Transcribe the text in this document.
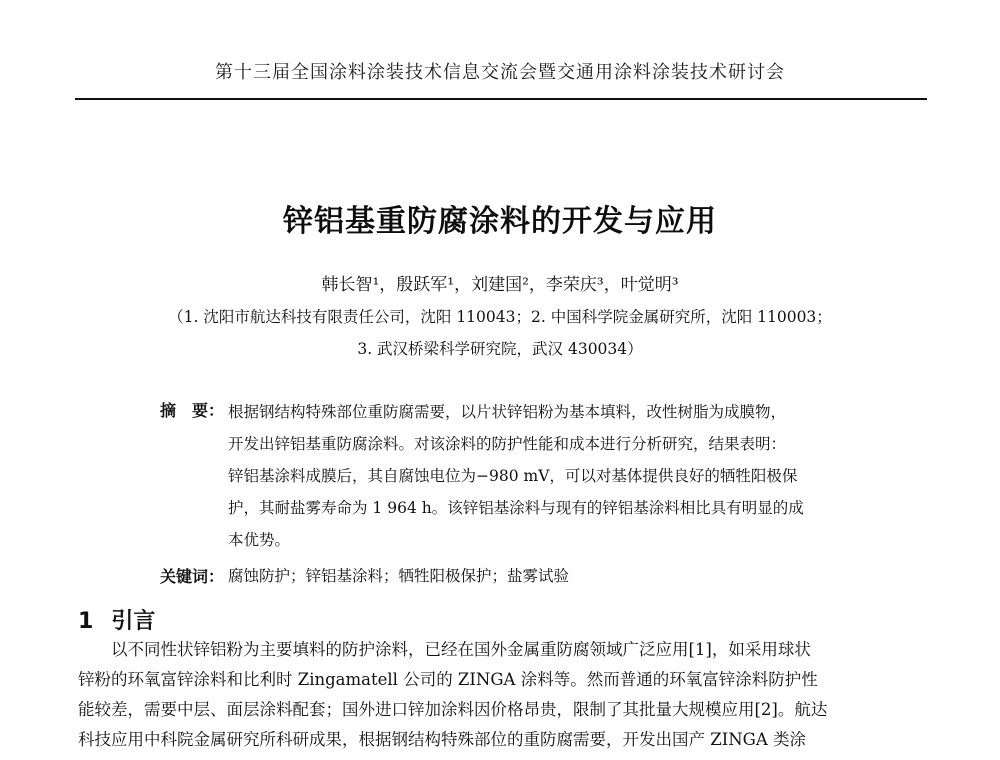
第十三届全国涂料涂装技术信息交流会暨交通用涂料涂装技术研讨会
锌铝基重防腐涂料的开发与应用
韩长智¹，殷跃军¹，刘建国²，李荣庆³，叶觉明³
（1. 沈阳市航达科技有限责任公司，沈阳 110043；2. 中国科学院金属研究所，沈阳 110003；
3. 武汉桥梁科学研究院，武汉 430034）
摘　要： 根据钢结构特殊部位重防腐需要，以片状锌铝粉为基本填料，改性树脂为成膜物，
开发出锌铝基重防腐涂料。对该涂料的防护性能和成本进行分析研究，结果表明：
锌铝基涂料成膜后，其自腐蚀电位为−980 mV，可以对基体提供良好的牺牲阳极保
护，其耐盐雾寿命为 1 964 h。该锌铝基涂料与现有的锌铝基涂料相比具有明显的成
本优势。
关键词： 腐蚀防护；锌铝基涂料；牺牲阳极保护；盐雾试验
1 引言
　　以不同性状锌铝粉为主要填料的防护涂料，已经在国外金属重防腐领域广泛应用[1]，如采用球状
锌粉的环氧富锌涂料和比利时 Zingamatell 公司的 ZINGA 涂料等。然而普通的环氧富锌涂料防护性
能较差，需要中层、面层涂料配套；国外进口锌加涂料因价格昂贵，限制了其批量大规模应用[2]。航达
科技应用中科院金属研究所科研成果，根据钢结构特殊部位的重防腐需要，开发出国产 ZINGA 类涂
